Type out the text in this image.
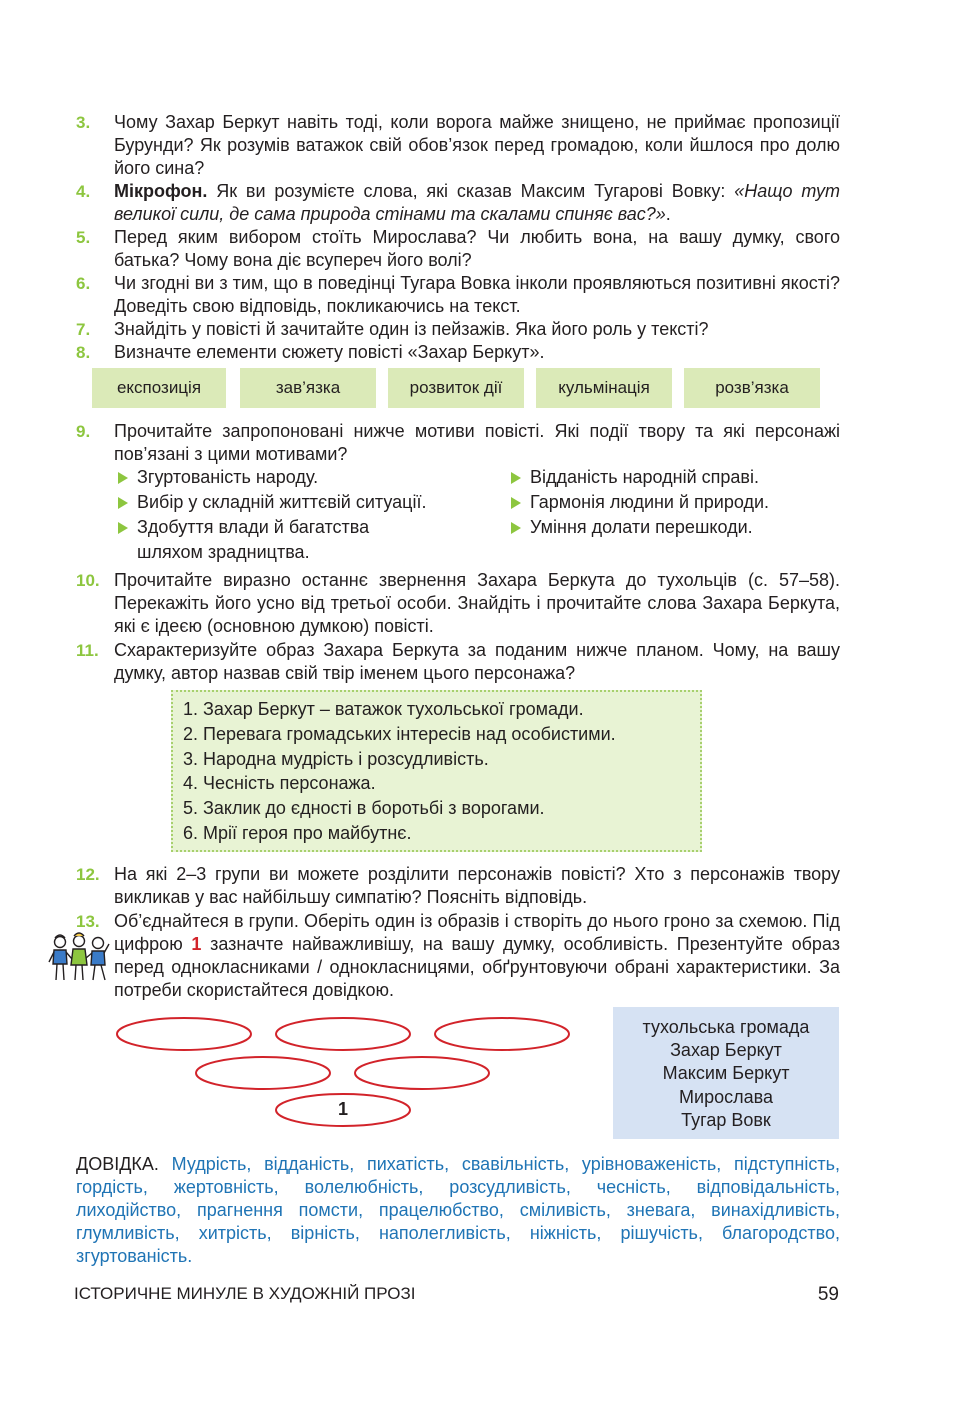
3.	Чому Захар Беркут навіть тоді, коли ворога майже знищено, не приймає пропозиції Бурунди? Як розумів ватажок свій обов’язок перед громадою, коли йшлося про долю його сина?
4.	Мікрофон. Як ви розумієте слова, які сказав Максим Тугарові Вовку: «Нащо тут великої сили, де сама природа стінами та скалами спиняє вас?».
5.	Перед яким вибором стоїть Мирослава? Чи любить вона, на вашу думку, свого батька? Чому вона діє всупереч його волі?
6.	Чи згодні ви з тим, що в поведінці Тугара Вовка інколи проявляються позитивні якості? Доведіть свою відповідь, покликаючись на текст.
7.	Знайдіть у повісті й зачитайте один із пейзажів. Яка його роль у тексті?
8.	Визначте елементи сюжету повісті «Захар Беркут».
експозиція	зав’язка	розвиток дії	кульмінація	розв’язка
9.	Прочитайте запропоновані нижче мотиви повісті. Які події твору та які персонажі пов’язані з цими мотивами?
Згуртованість народу.
Вибір у складній життєвій ситуації.
Здобуття влади й багатства шляхом зрадництва.
Відданість народній справі.
Гармонія людини й природи.
Уміння долати перешкоди.
10. Прочитайте виразно останнє звернення Захара Беркута до тухольців (с. 57–58). Перекажіть його усно від третьої особи. Знайдіть і прочитайте слова Захара Беркута, які є ідеєю (основною думкою) повісті.
11. Схарактеризуйте образ Захара Беркута за поданим нижче планом. Чому, на вашу думку, автор назвав свій твір іменем цього персонажа?
1. Захар Беркут – ватажок тухольської громади.
2. Перевага громадських інтересів над особистими.
3. Народна мудрість і розсудливість.
4. Чесність персонажа.
5. Заклик до єдності в боротьбі з ворогами.
6. Мрії героя про майбутнє.
12. На які 2–3 групи ви можете розділити персонажів повісті? Хто з персонажів твору викликав у вас найбільшу симпатію? Поясніть відповідь.
13. Об’єднайтеся в групи. Оберіть один із образів і створіть до нього гроно за схемою. Під цифрою 1 зазначте найважливішу, на вашу думку, особливість. Презентуйте образ перед однокласниками / однокласницями, обґрунтовуючи обрані характеристики. За потреби скористайтеся довідкою.
1
тухольська громада
Захар Беркут
Максим Беркут
Мирослава
Тугар Вовк
ДОВІДКА. Мудрість, відданість, пихатість, свавільність, урівноваженість, підступність, гордість, жертовність, волелюбність, розсудливість, чесність, відповідальність, лиходійство, прагнення помсти, працелюбство, сміливість, зневага, винахідливість, глумливість, хитрість, вірність, наполегливість, ніжність, рішучість, благородство, згуртованість.
ІСТОРИЧНЕ МИНУЛЕ В ХУДОЖНІЙ ПРОЗІ	59
